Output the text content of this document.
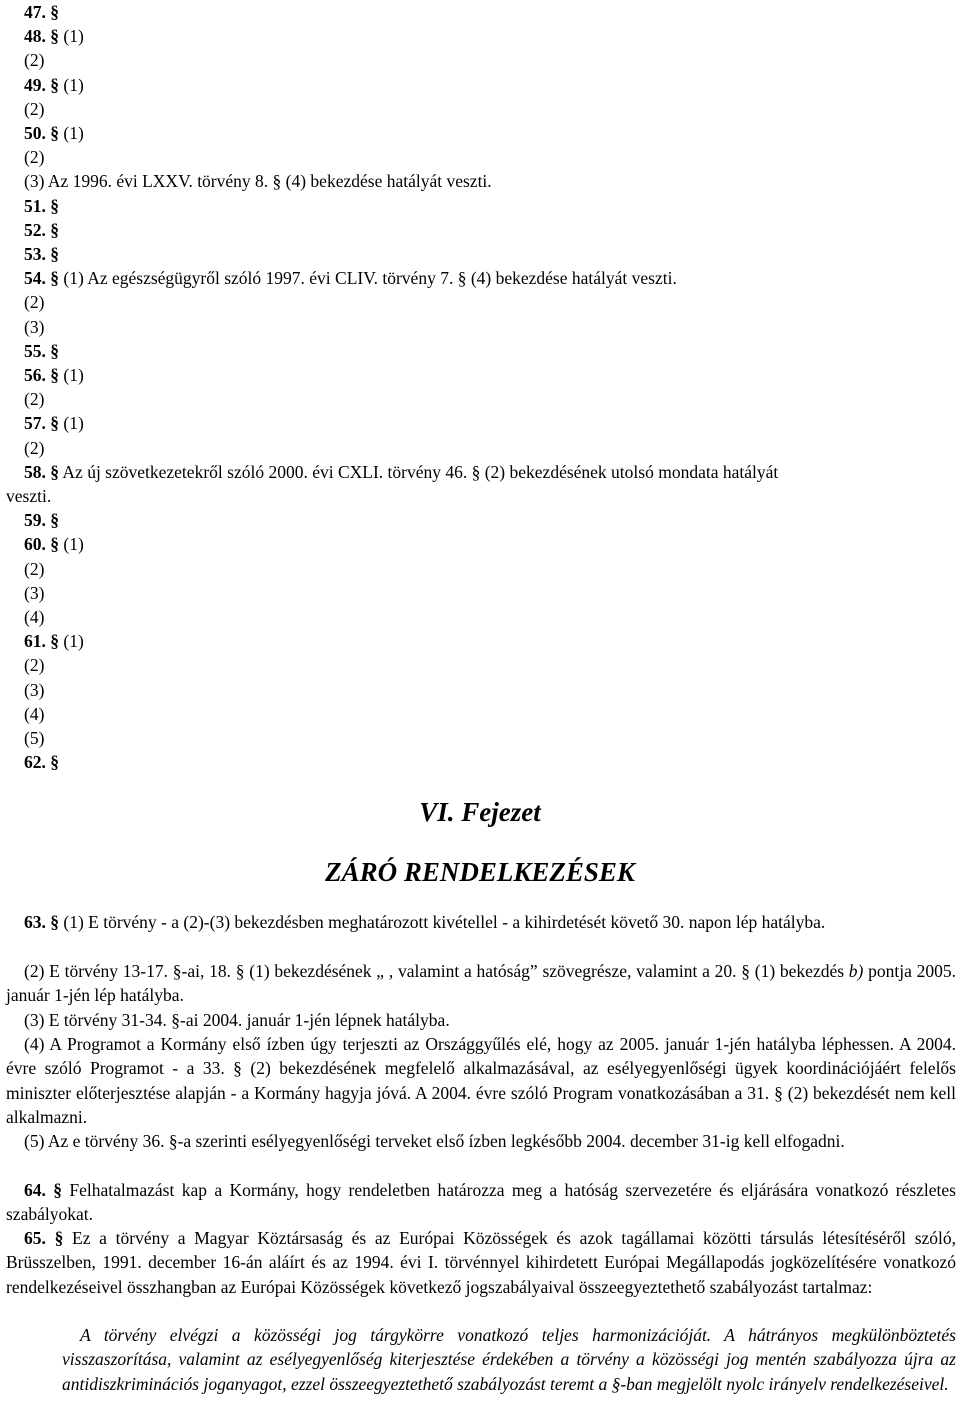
47. §
48. § (1)
(2)
49. § (1)
(2)
50. § (1)
(2)
(3) Az 1996. évi LXXV. törvény 8. § (4) bekezdése hatályát veszti.
51. §
52. §
53. §
54. § (1) Az egészségügyről szóló 1997. évi CLIV. törvény 7. § (4) bekezdése hatályát veszti.
(2)
(3)
55. §
56. § (1)
(2)
57. § (1)
(2)
58. § Az új szövetkezetekről szóló 2000. évi CXLI. törvény 46. § (2) bekezdésének utolsó mondata hatályát
veszti.
59. §
60. § (1)
(2)
(3)
(4)
61. § (1)
(2)
(3)
(4)
(5)
62. §
VI. Fejezet
ZÁRÓ RENDELKEZÉSEK
63. § (1) E törvény - a (2)-(3) bekezdésben meghatározott kivétellel - a kihirdetését követő 30. napon lép hatályba.
(2) E törvény 13-17. §-ai, 18. § (1) bekezdésének „ , valamint a hatóság” szövegrésze, valamint a 20. § (1) bekezdés b) pontja 2005. január 1-jén lép hatályba.
(3) E törvény 31-34. §-ai 2004. január 1-jén lépnek hatályba.
(4) A Programot a Kormány első ízben úgy terjeszti az Országgyűlés elé, hogy az 2005. január 1-jén hatályba léphessen. A 2004. évre szóló Programot - a 33. § (2) bekezdésének megfelelő alkalmazásával, az esélyegyenlőségi ügyek koordinációjáért felelős miniszter előterjesztése alapján - a Kormány hagyja jóvá. A 2004. évre szóló Program vonatkozásában a 31. § (2) bekezdését nem kell alkalmazni.
(5) Az e törvény 36. §-a szerinti esélyegyenlőségi terveket első ízben legkésőbb 2004. december 31-ig kell elfogadni.
64. § Felhatalmazást kap a Kormány, hogy rendeletben határozza meg a hatóság szervezetére és eljárására vonatkozó részletes szabályokat.
65. § Ez a törvény a Magyar Köztársaság és az Európai Közösségek és azok tagállamai közötti társulás létesítéséről szóló, Brüsszelben, 1991. december 16-án aláírt és az 1994. évi I. törvénnyel kihirdetett Európai Megállapodás jogközelítésére vonatkozó rendelkezéseivel összhangban az Európai Közösségek következő jogszabályaival összeegyeztethető szabályozást tartalmaz:
A törvény elvégzi a közösségi jog tárgykörre vonatkozó teljes harmonizációját. A hátrányos megkülönböztetés visszaszorítása, valamint az esélyegyenlőség kiterjesztése érdekében a törvény a közösségi jog mentén szabályozza újra az antidiszkriminációs joganyagot, ezzel összeegyeztethető szabályozást teremt a §-ban megjelölt nyolc irányelv rendelkezéseivel.
